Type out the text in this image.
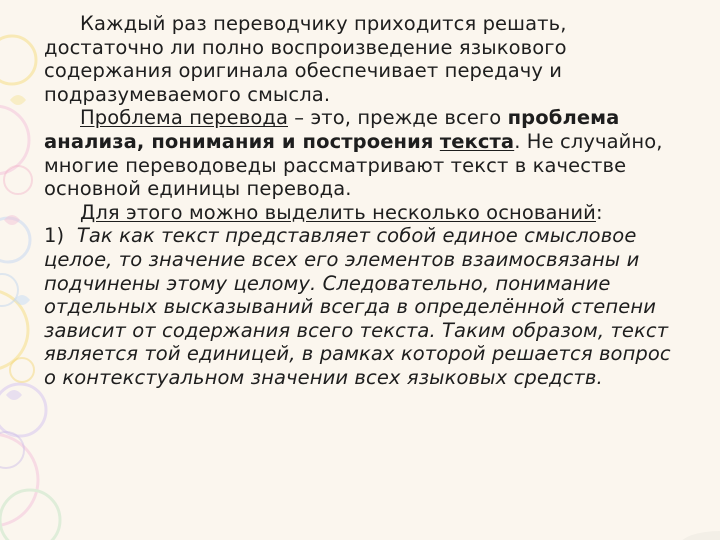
Каждый раз переводчику приходится решать, достаточно ли полно воспроизведение языкового содержания оригинала обеспечивает передачу и подразумеваемого смысла.

Проблема перевода – это, прежде всего проблема анализа, понимания и построения текста. Не случайно, многие переводоведы рассматривают текст в качестве основной единицы перевода.

Для этого можно выделить несколько оснований:

1) Так как текст представляет собой единое смысловое целое, то значение всех его элементов взаимосвязаны и подчинены этому целому. Следовательно, понимание отдельных высказываний всегда в определённой степени зависит от содержания всего текста. Таким образом, текст является той единицей, в рамках которой решается вопрос о контекстуальном значении всех языковых средств.
